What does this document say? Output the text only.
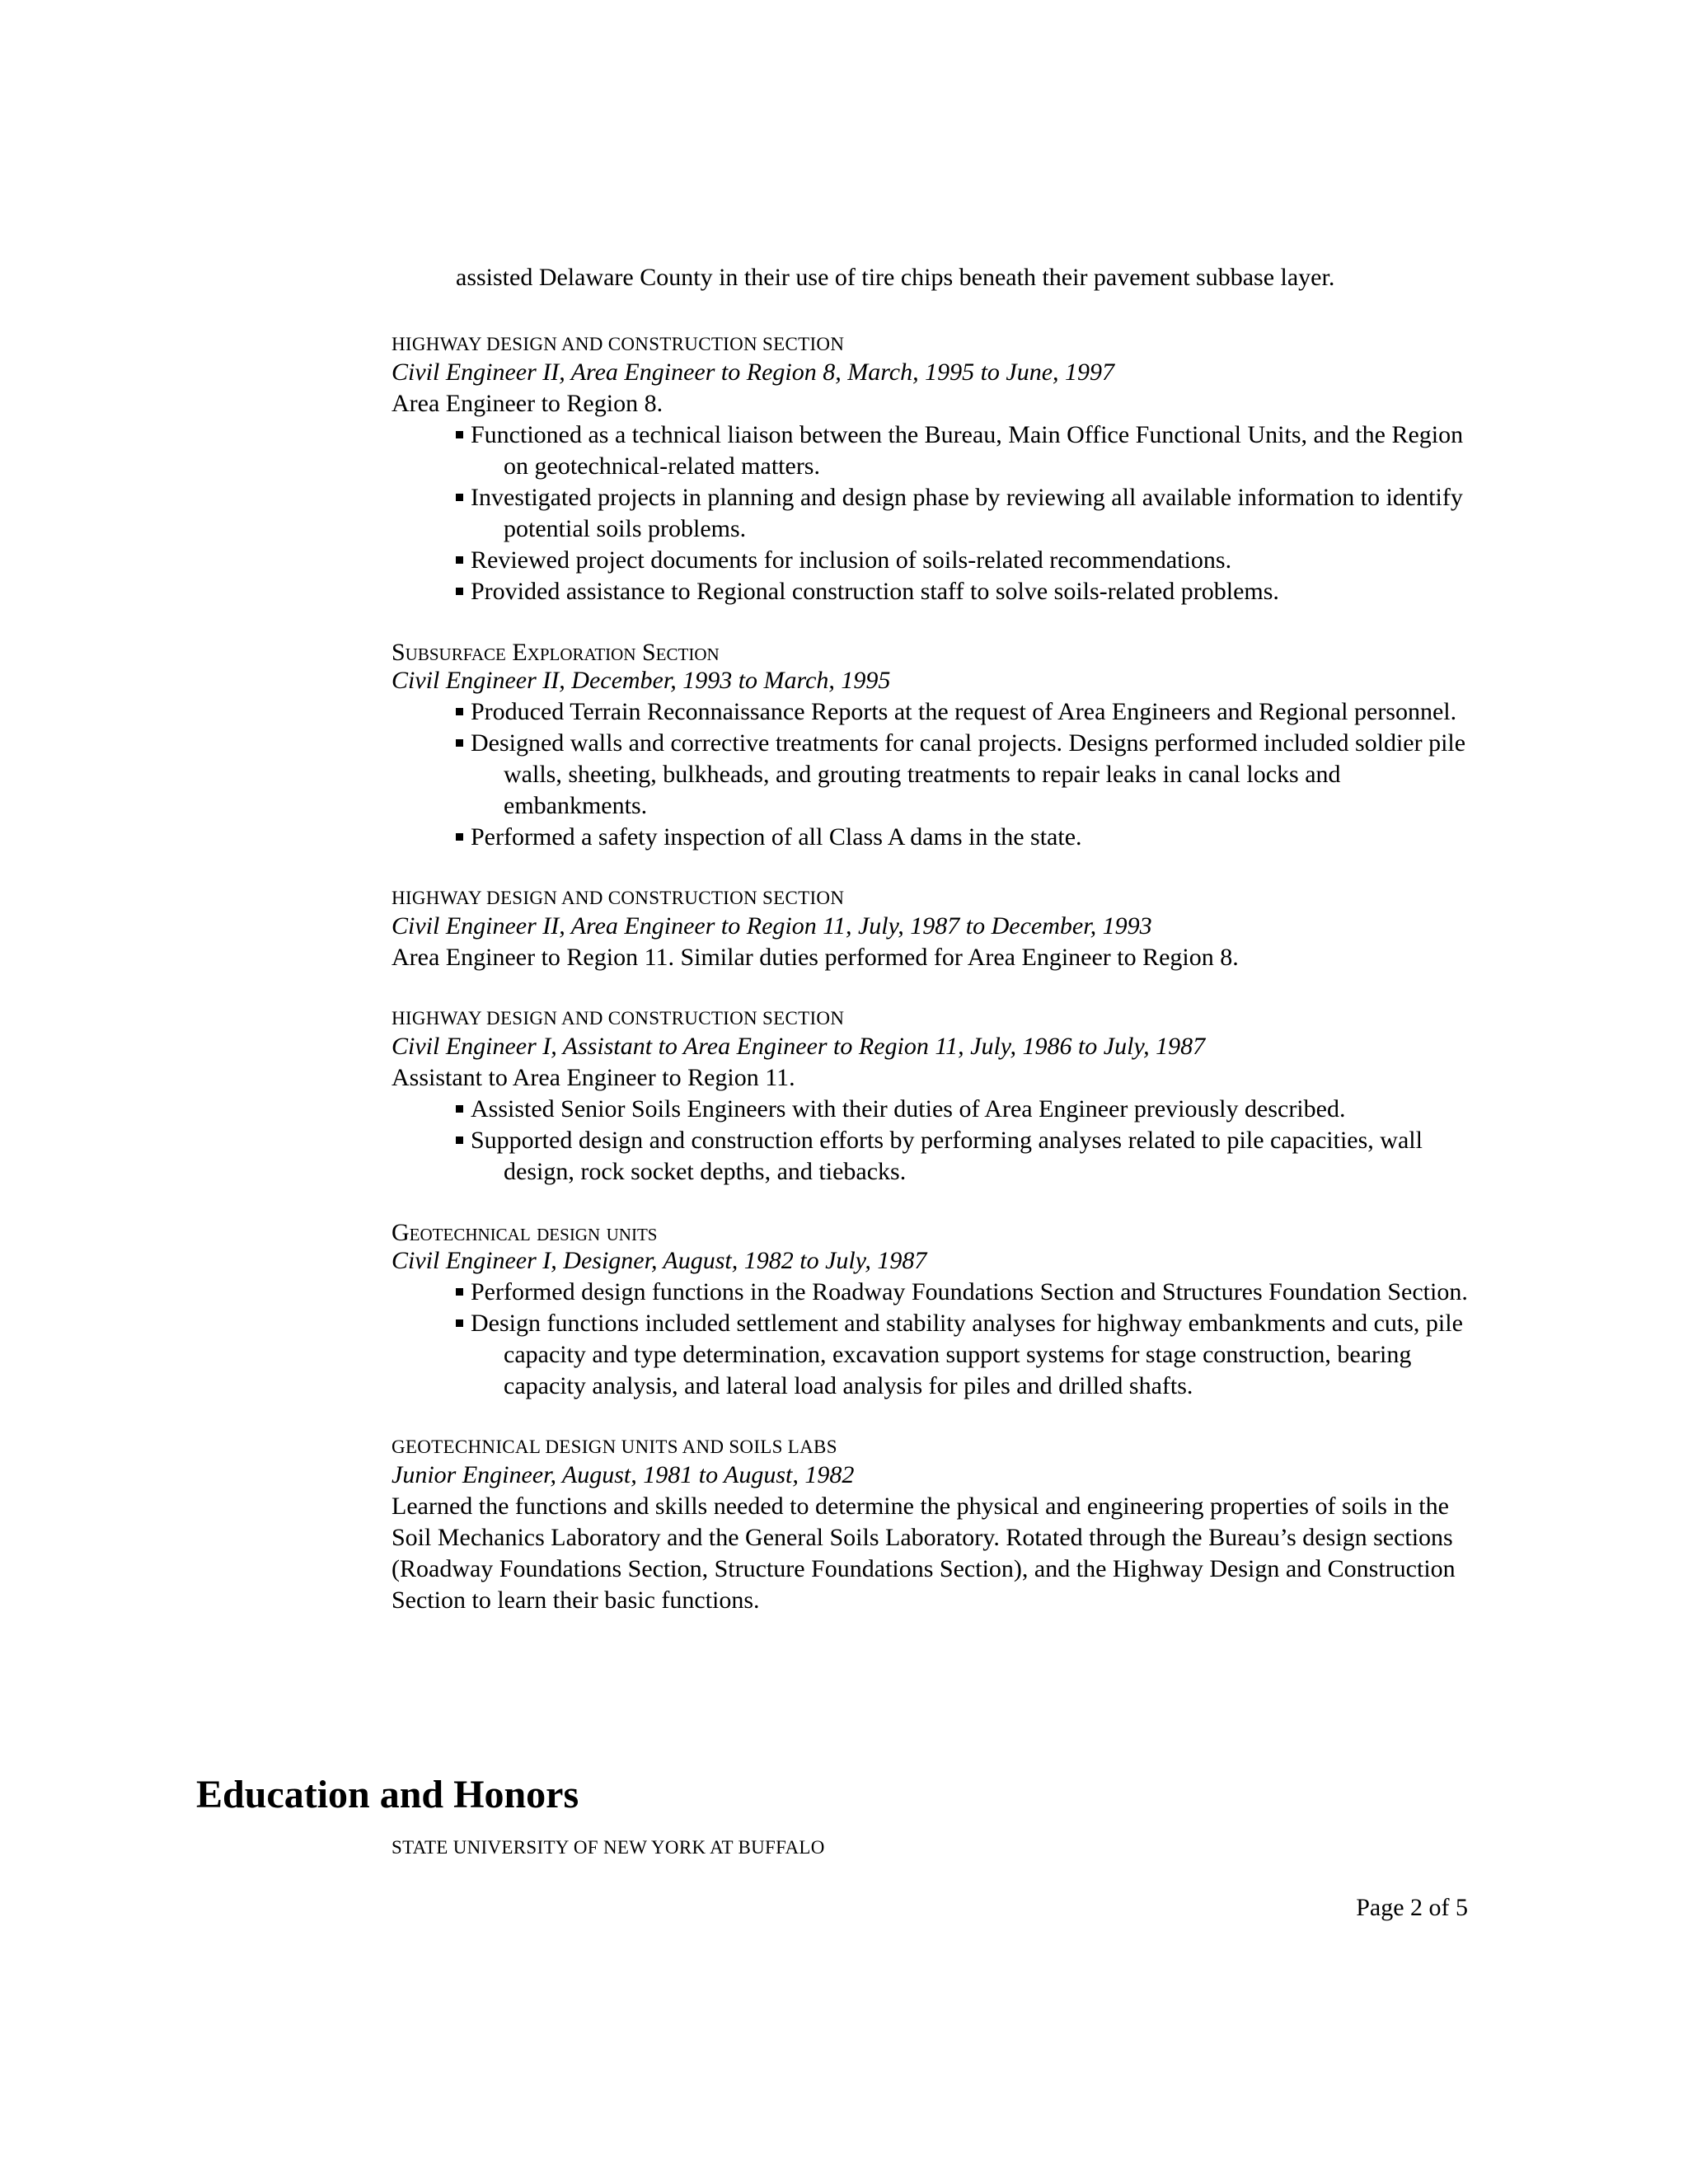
assisted Delaware County in their use of tire chips beneath their pavement subbase layer.
HIGHWAY DESIGN AND CONSTRUCTION SECTION
Civil Engineer II, Area Engineer to Region 8, March, 1995 to June, 1997
Area Engineer to Region 8.
Functioned as a technical liaison between the Bureau, Main Office Functional Units, and the Region on geotechnical-related matters.
Investigated projects in planning and design phase by reviewing all available information to identify potential soils problems.
Reviewed project documents for inclusion of soils-related recommendations.
Provided assistance to Regional construction staff to solve soils-related problems.
Subsurface Exploration Section
Civil Engineer II, December, 1993 to March, 1995
Produced Terrain Reconnaissance Reports at the request of Area Engineers and Regional personnel.
Designed walls and corrective treatments for canal projects. Designs performed included soldier pile walls, sheeting, bulkheads, and grouting treatments to repair leaks in canal locks and embankments.
Performed a safety inspection of all Class A dams in the state.
HIGHWAY DESIGN AND CONSTRUCTION SECTION
Civil Engineer II, Area Engineer to Region 11, July, 1987 to December, 1993
Area Engineer to Region 11. Similar duties performed for Area Engineer to Region 8.
HIGHWAY DESIGN AND CONSTRUCTION SECTION
Civil Engineer I, Assistant to Area Engineer to Region 11, July, 1986 to July, 1987
Assistant to Area Engineer to Region 11.
Assisted Senior Soils Engineers with their duties of Area Engineer previously described.
Supported design and construction efforts by performing analyses related to pile capacities, wall design, rock socket depths, and tiebacks.
Geotechnical design units
Civil Engineer I, Designer, August, 1982 to July, 1987
Performed design functions in the Roadway Foundations Section and Structures Foundation Section.
Design functions included settlement and stability analyses for highway embankments and cuts, pile capacity and type determination, excavation support systems for stage construction, bearing capacity analysis, and lateral load analysis for piles and drilled shafts.
GEOTECHNICAL DESIGN UNITS AND SOILS LABS
Junior Engineer, August, 1981 to August, 1982
Learned the functions and skills needed to determine the physical and engineering properties of soils in the Soil Mechanics Laboratory and the General Soils Laboratory. Rotated through the Bureau’s design sections (Roadway Foundations Section, Structure Foundations Section), and the Highway Design and Construction Section to learn their basic functions.
Education and Honors
STATE UNIVERSITY OF NEW YORK AT BUFFALO
Page 2 of 5
